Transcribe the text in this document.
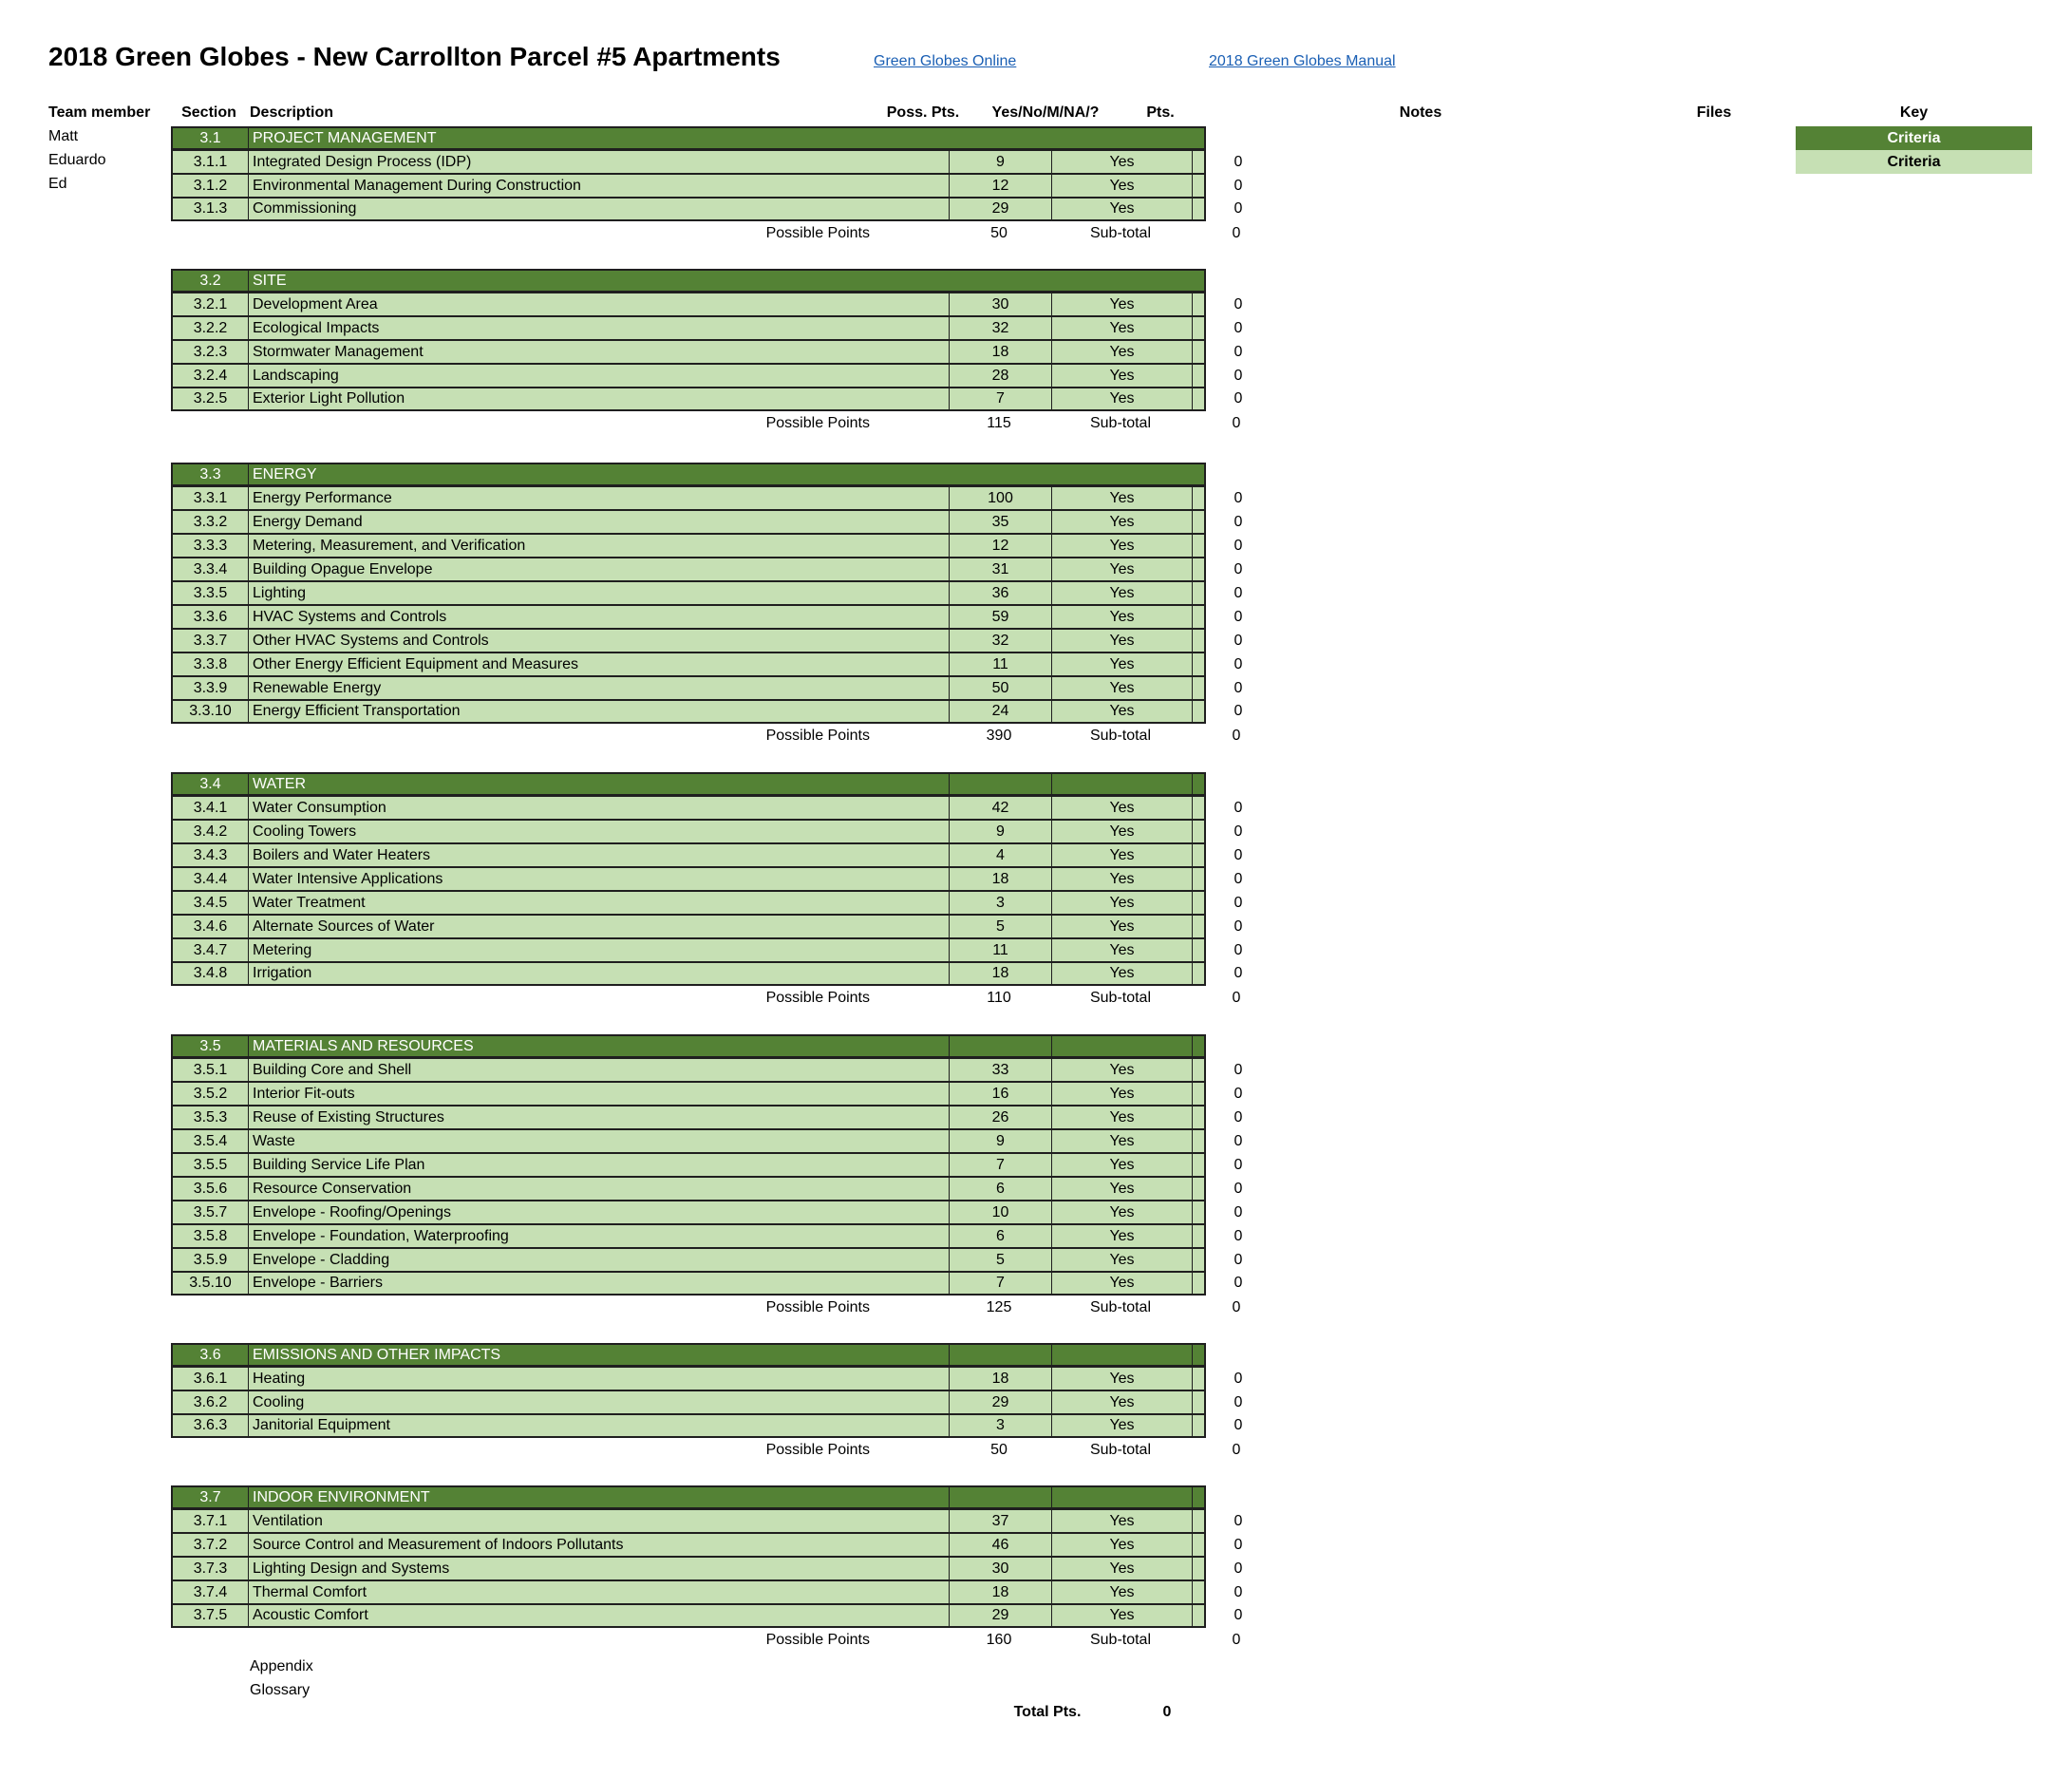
2018 Green Globes - New Carrollton Parcel #5 Apartments	Green Globes Online	2018 Green Globes Manual
Team member	Section Description	Poss. Pts.	Yes/No/M/NA/?	Pts.	Notes	Files	Key
Matt
Eduardo
Ed
Criteria
Criteria
3.1	PROJECT MANAGEMENT
3.1.1	Integrated Design Process (IDP)	9	Yes	0
3.1.2	Environmental Management During Construction	12	Yes	0
3.1.3	Commissioning	29	Yes	0
Possible Points	50	Sub-total	0
3.2	SITE
3.2.1	Development Area	30	Yes	0
3.2.2	Ecological Impacts	32	Yes	0
3.2.3	Stormwater Management	18	Yes	0
3.2.4	Landscaping	28	Yes	0
3.2.5	Exterior Light Pollution	7	Yes	0
Possible Points	115	Sub-total	0
3.3	ENERGY
3.3.1	Energy Performance	100	Yes	0
3.3.2	Energy Demand	35	Yes	0
3.3.3	Metering, Measurement, and Verification	12	Yes	0
3.3.4	Building Opague Envelope	31	Yes	0
3.3.5	Lighting	36	Yes	0
3.3.6	HVAC Systems and Controls	59	Yes	0
3.3.7	Other HVAC Systems and Controls	32	Yes	0
3.3.8	Other Energy Efficient Equipment and Measures	11	Yes	0
3.3.9	Renewable Energy	50	Yes	0
3.3.10	Energy Efficient Transportation	24	Yes	0
Possible Points	390	Sub-total	0
3.4	WATER
3.4.1	Water Consumption	42	Yes	0
3.4.2	Cooling Towers	9	Yes	0
3.4.3	Boilers and Water Heaters	4	Yes	0
3.4.4	Water Intensive Applications	18	Yes	0
3.4.5	Water Treatment	3	Yes	0
3.4.6	Alternate Sources of Water	5	Yes	0
3.4.7	Metering	11	Yes	0
3.4.8	Irrigation	18	Yes	0
Possible Points	110	Sub-total	0
3.5	MATERIALS AND RESOURCES
3.5.1	Building Core and Shell	33	Yes	0
3.5.2	Interior Fit-outs	16	Yes	0
3.5.3	Reuse of Existing Structures	26	Yes	0
3.5.4	Waste	9	Yes	0
3.5.5	Building Service Life Plan	7	Yes	0
3.5.6	Resource Conservation	6	Yes	0
3.5.7	Envelope - Roofing/Openings	10	Yes	0
3.5.8	Envelope - Foundation, Waterproofing	6	Yes	0
3.5.9	Envelope - Cladding	5	Yes	0
3.5.10	Envelope - Barriers	7	Yes	0
Possible Points	125	Sub-total	0
3.6	EMISSIONS AND OTHER IMPACTS
3.6.1	Heating	18	Yes	0
3.6.2	Cooling	29	Yes	0
3.6.3	Janitorial Equipment	3	Yes	0
Possible Points	50	Sub-total	0
3.7	INDOOR ENVIRONMENT
3.7.1	Ventilation	37	Yes	0
3.7.2	Source Control and Measurement of Indoors Pollutants	46	Yes	0
3.7.3	Lighting Design and Systems	30	Yes	0
3.7.4	Thermal Comfort	18	Yes	0
3.7.5	Acoustic Comfort	29	Yes	0
Possible Points	160	Sub-total	0
Appendix
Glossary
Total Pts.	0
